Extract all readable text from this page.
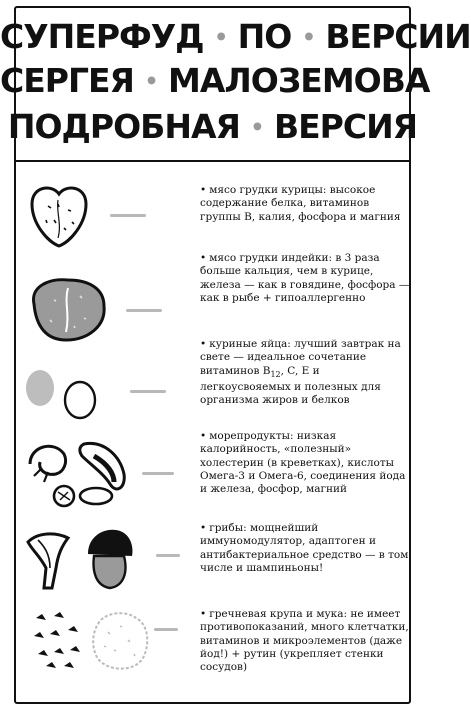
СУПЕРФУД • ПО • ВЕРСИИ
СЕРГЕЯ • МАЛОЗЕМОВА
ПОДРОБНАЯ • ВЕРСИЯ
• мясо грудки курицы: высокое содержание белка, витаминов группы B, калия, фосфора и магния
• мясо грудки индейки: в 3 раза больше кальция, чем в курице, железа — как в говядине, фосфора — как в рыбе + гипоаллергенно
• куриные яйца: лучший завтрак на свете — идеальное сочетание витаминов $B_{12}$, C, E и легкоусвояемых и полезных для организма жиров и белков
• морепродукты: низкая калорийность, «полезный» холестерин (в креветках), кислоты Омега-3 и Омега-6, соединения йода и железа, фосфор, магний
• грибы: мощнейший иммуномодулятор, адаптоген и антибактериальное средство — в том числе и шампиньоны!
• гречневая крупа и мука: не имеет противопоказаний, много клетчатки, витаминов и микроэлементов (даже йод!) + рутин (укрепляет стенки сосудов)
